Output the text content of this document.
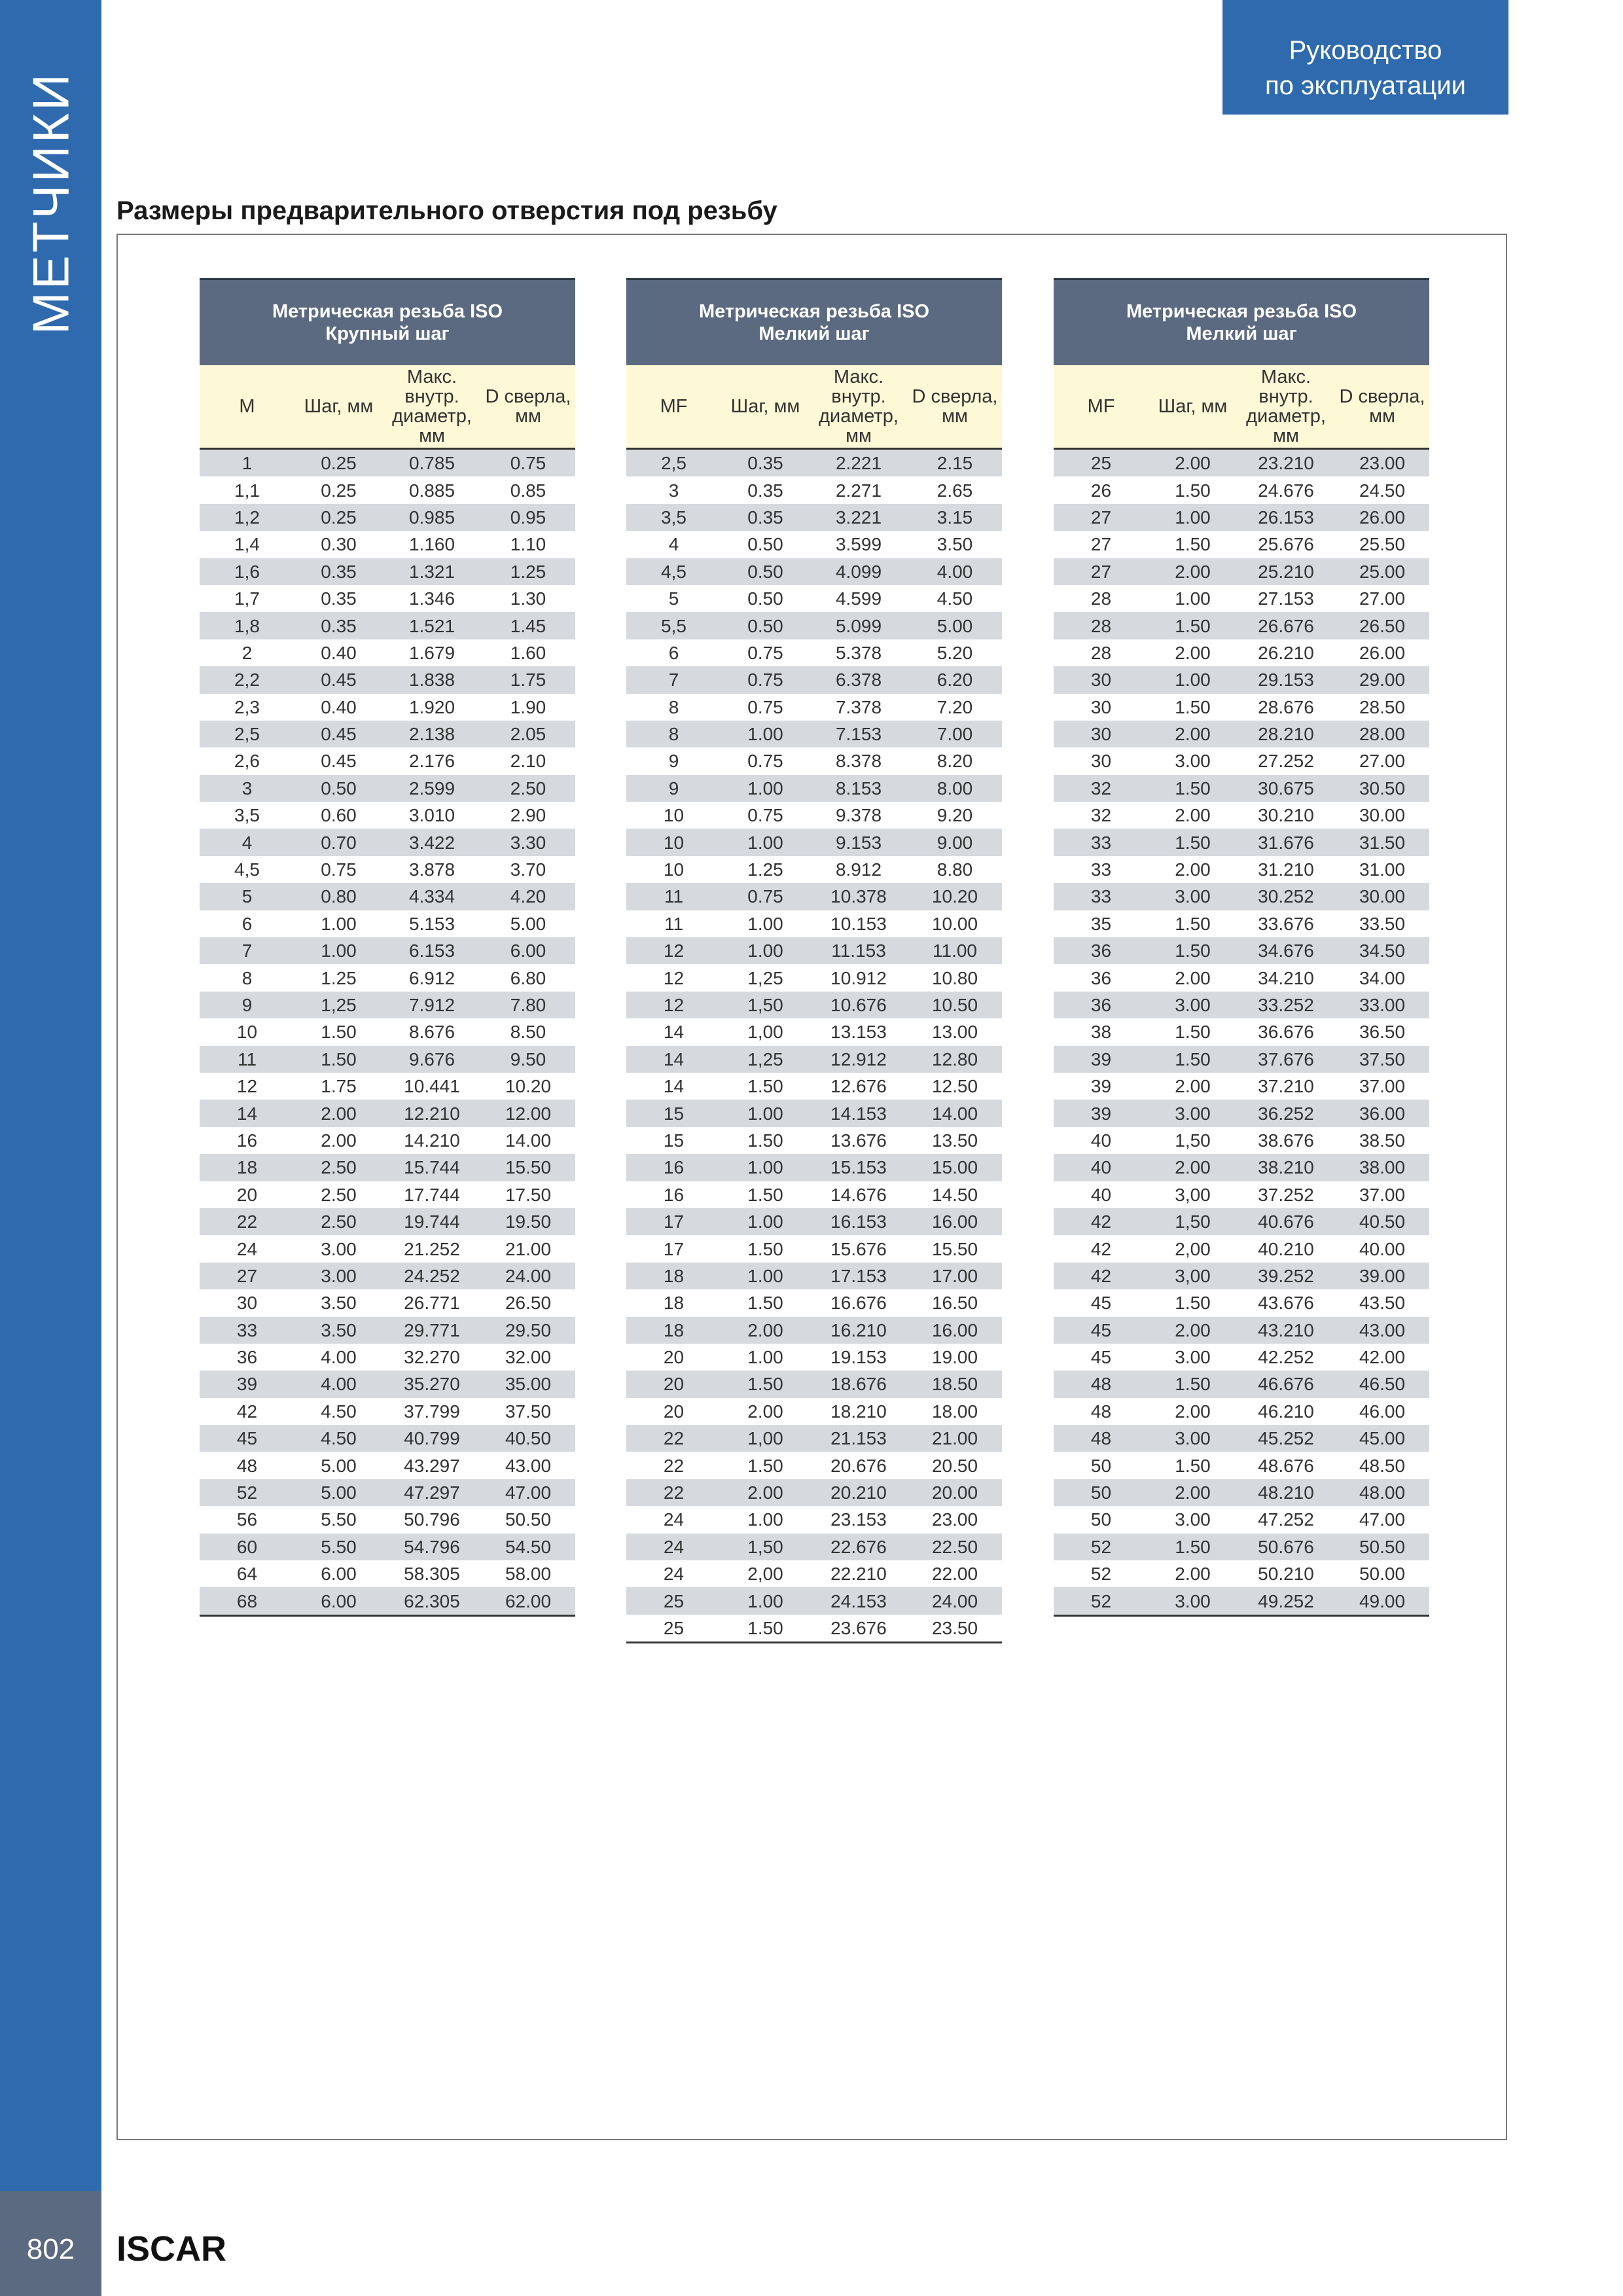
МЕТЧИКИ
802	ISCAR
Руководство
по эксплуатации
Размеры предварительного отверстия под резьбу
Метрическая резьба ISO
Крупный шаг			

M	Шаг, мм	Макс. внутр. диаметр, мм	D сверла, мм
1	0.25	0.785	0.75
1,1	0.25	0.885	0.85
1,2	0.25	0.985	0.95
1,4	0.30	1.160	1.10
1,6	0.35	1.321	1.25
1,7	0.35	1.346	1.30
1,8	0.35	1.521	1.45
2	0.40	1.679	1.60
2,2	0.45	1.838	1.75
2,3	0.40	1.920	1.90
2,5	0.45	2.138	2.05
2,6	0.45	2.176	2.10
3	0.50	2.599	2.50
3,5	0.60	3.010	2.90
4	0.70	3.422	3.30
4,5	0.75	3.878	3.70
5	0.80	4.334	4.20
6	1.00	5.153	5.00
7	1.00	6.153	6.00
8	1.25	6.912	6.80
9	1,25	7.912	7.80
10	1.50	8.676	8.50
11	1.50	9.676	9.50
12	1.75	10.441	10.20
14	2.00	12.210	12.00
16	2.00	14.210	14.00
18	2.50	15.744	15.50
20	2.50	17.744	17.50
22	2.50	19.744	19.50
24	3.00	21.252	21.00
27	3.00	24.252	24.00
30	3.50	26.771	26.50
33	3.50	29.771	29.50
36	4.00	32.270	32.00
39	4.00	35.270	35.00
42	4.50	37.799	37.50
45	4.50	40.799	40.50
48	5.00	43.297	43.00
52	5.00	47.297	47.00
56	5.50	50.796	50.50
60	5.50	54.796	54.50
64	6.00	58.305	58.00
68	6.00	62.305	62.00
Метрическая резьба ISO
Мелкий шаг			

MF	Шаг, мм	Макс. внутр. диаметр, мм	D сверла, мм
2,5	0.35	2.221	2.15
3	0.35	2.271	2.65
3,5	0.35	3.221	3.15
4	0.50	3.599	3.50
4,5	0.50	4.099	4.00
5	0.50	4.599	4.50
5,5	0.50	5.099	5.00
6	0.75	5.378	5.20
7	0.75	6.378	6.20
8	0.75	7.378	7.20
8	1.00	7.153	7.00
9	0.75	8.378	8.20
9	1.00	8.153	8.00
10	0.75	9.378	9.20
10	1.00	9.153	9.00
10	1.25	8.912	8.80
11	0.75	10.378	10.20
11	1.00	10.153	10.00
12	1.00	11.153	11.00
12	1,25	10.912	10.80
12	1,50	10.676	10.50
14	1,00	13.153	13.00
14	1,25	12.912	12.80
14	1.50	12.676	12.50
15	1.00	14.153	14.00
15	1.50	13.676	13.50
16	1.00	15.153	15.00
16	1.50	14.676	14.50
17	1.00	16.153	16.00
17	1.50	15.676	15.50
18	1.00	17.153	17.00
18	1.50	16.676	16.50
18	2.00	16.210	16.00
20	1.00	19.153	19.00
20	1.50	18.676	18.50
20	2.00	18.210	18.00
22	1,00	21.153	21.00
22	1.50	20.676	20.50
22	2.00	20.210	20.00
24	1.00	23.153	23.00
24	1,50	22.676	22.50
24	2,00	22.210	22.00
25	1.00	24.153	24.00
25	1.50	23.676	23.50
Метрическая резьба ISO
Мелкий шаг			

MF	Шаг, мм	Макс. внутр. диаметр, мм	D сверла, мм
25	2.00	23.210	23.00
26	1.50	24.676	24.50
27	1.00	26.153	26.00
27	1.50	25.676	25.50
27	2.00	25.210	25.00
28	1.00	27.153	27.00
28	1.50	26.676	26.50
28	2.00	26.210	26.00
30	1.00	29.153	29.00
30	1.50	28.676	28.50
30	2.00	28.210	28.00
30	3.00	27.252	27.00
32	1.50	30.675	30.50
32	2.00	30.210	30.00
33	1.50	31.676	31.50
33	2.00	31.210	31.00
33	3.00	30.252	30.00
35	1.50	33.676	33.50
36	1.50	34.676	34.50
36	2.00	34.210	34.00
36	3.00	33.252	33.00
38	1.50	36.676	36.50
39	1.50	37.676	37.50
39	2.00	37.210	37.00
39	3.00	36.252	36.00
40	1,50	38.676	38.50
40	2.00	38.210	38.00
40	3,00	37.252	37.00
42	1,50	40.676	40.50
42	2,00	40.210	40.00
42	3,00	39.252	39.00
45	1.50	43.676	43.50
45	2.00	43.210	43.00
45	3.00	42.252	42.00
48	1.50	46.676	46.50
48	2.00	46.210	46.00
48	3.00	45.252	45.00
50	1.50	48.676	48.50
50	2.00	48.210	48.00
50	3.00	47.252	47.00
52	1.50	50.676	50.50
52	2.00	50.210	50.00
52	3.00	49.252	49.00
